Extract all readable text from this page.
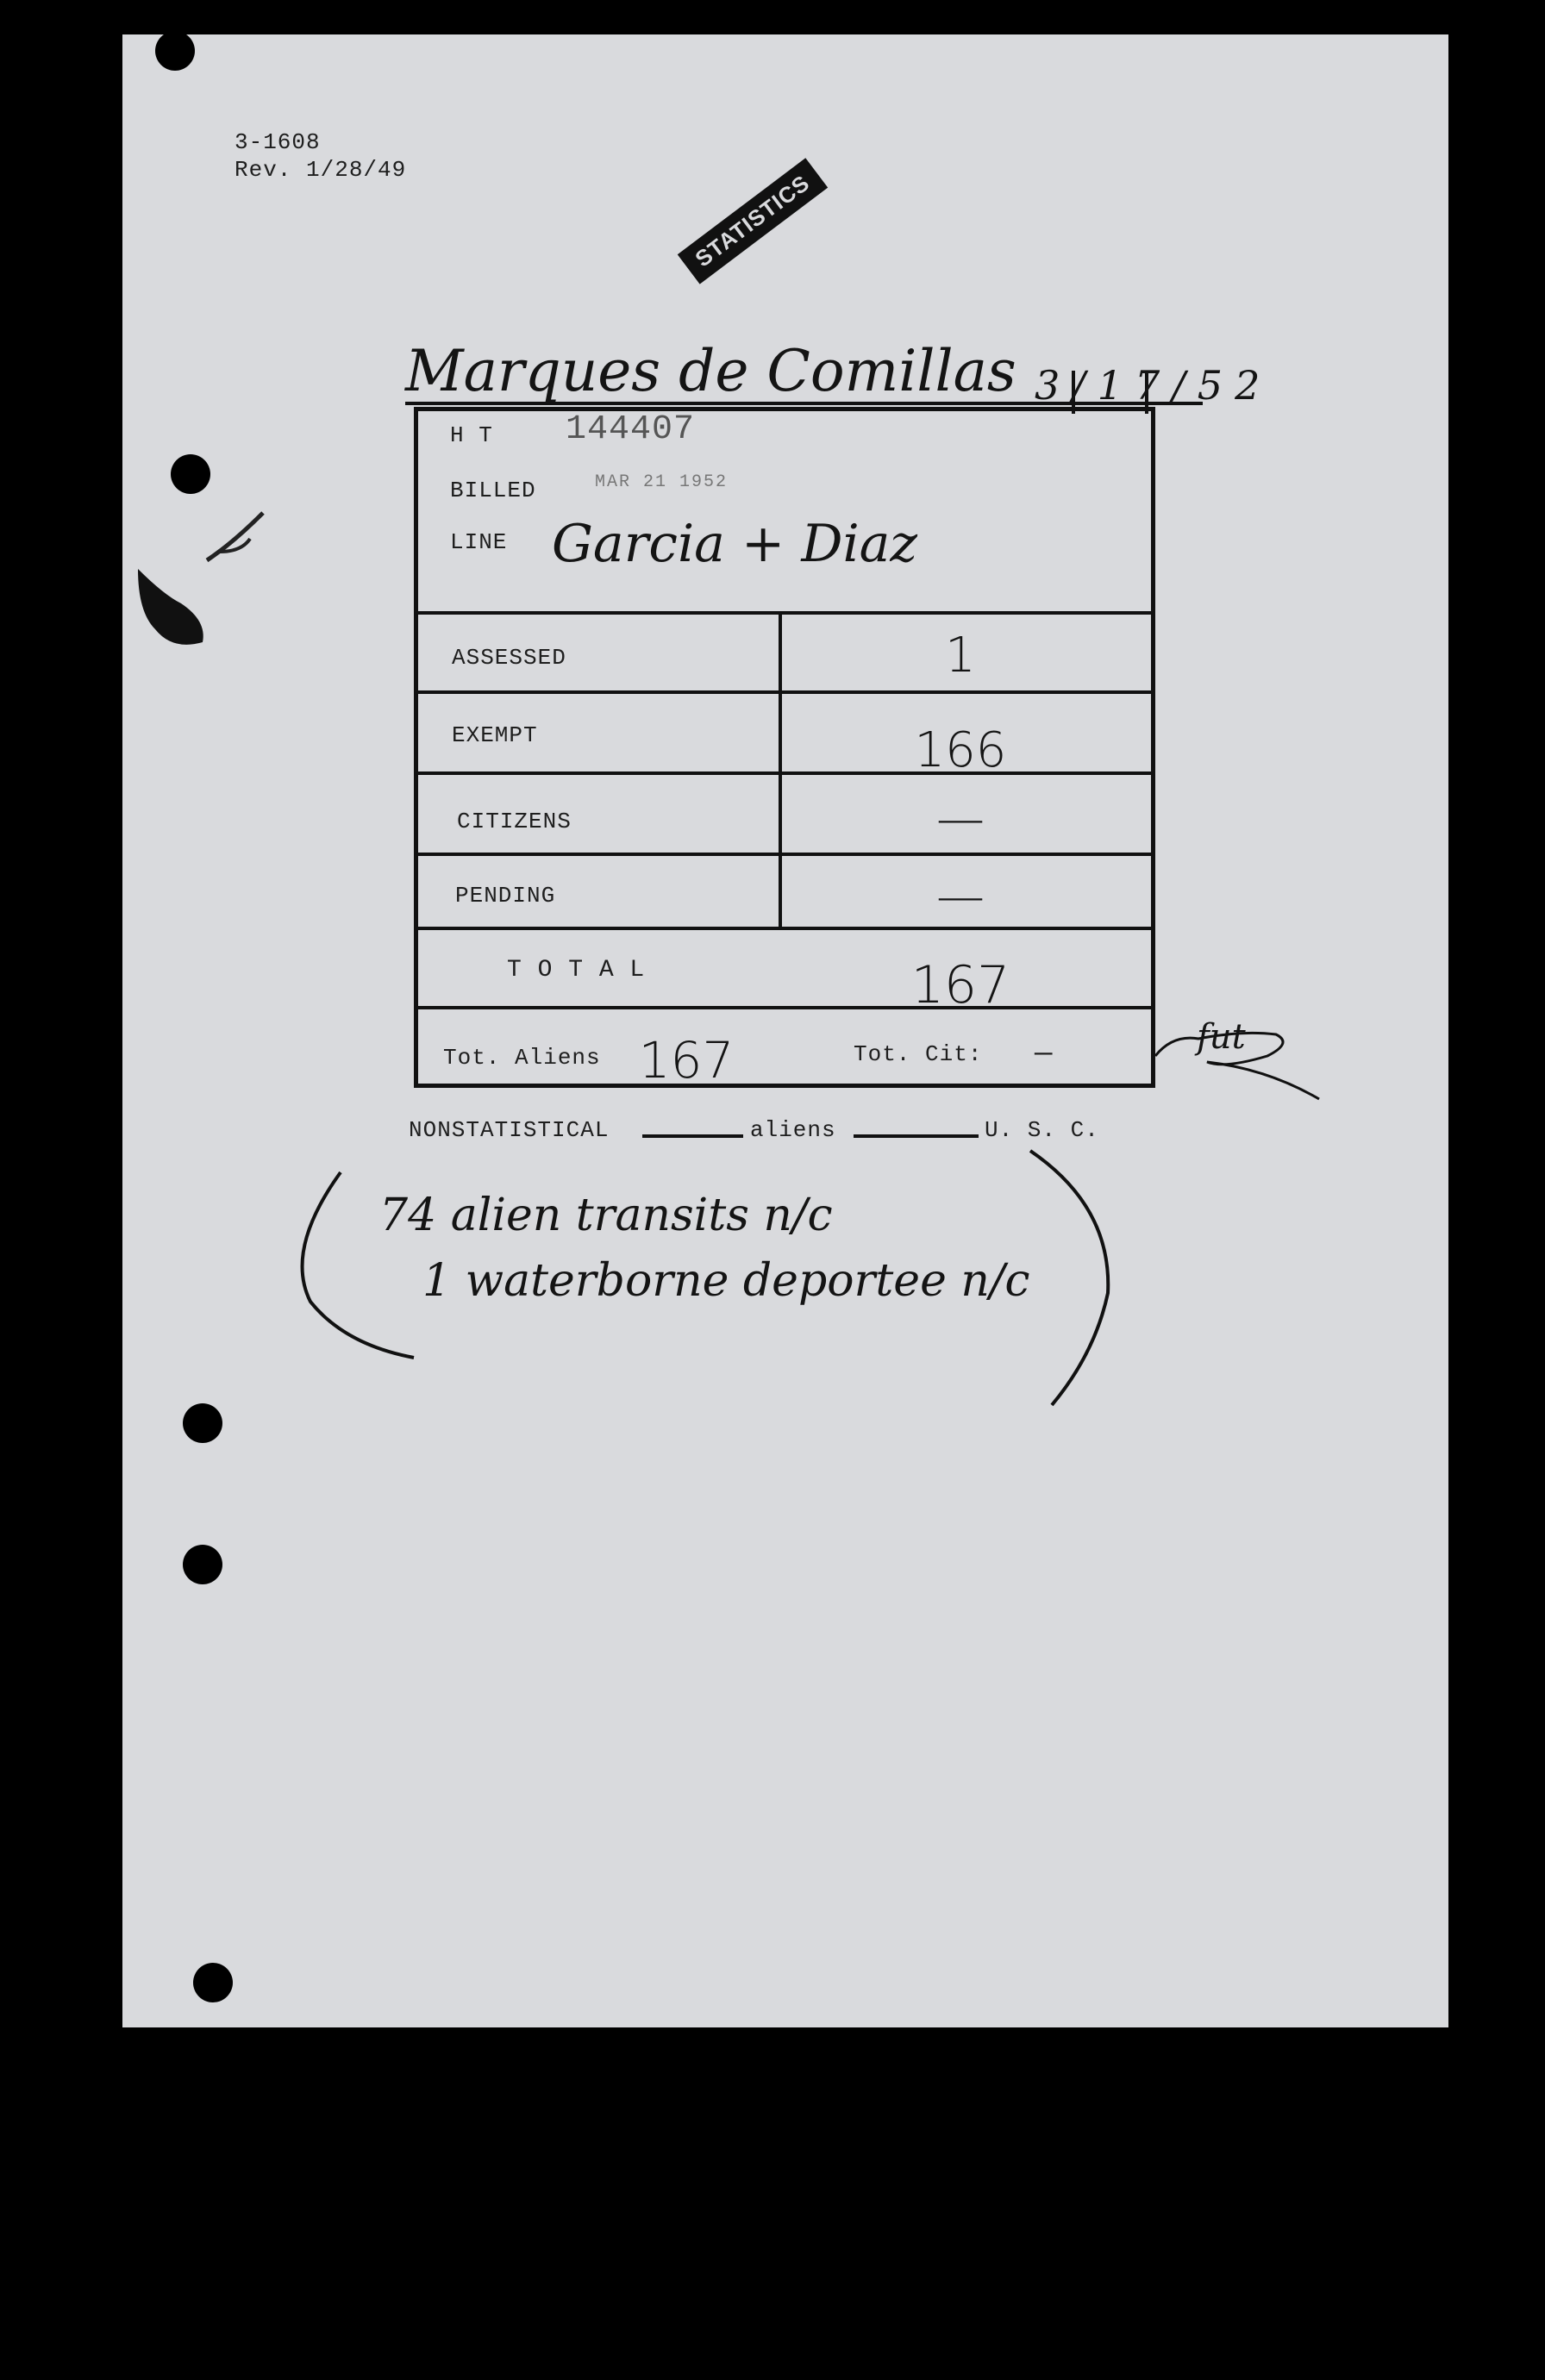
3-1608
Rev. 1/28/49	STATISTICS
Marques de Comillas 3/17/52
H T 144407
BILLED	MAR 21 1952
LINE Garcia + Diaz
ASSESSED	1
EXEMPT	166
CITIZENS	—
PENDING	—
T O T A L	167
Tot. Aliens 167	Tot. Cit: —	fut
NONSTATISTICAL	aliens	U. S. C.
74 alien transits n/c
1 waterborne deportee n/c
